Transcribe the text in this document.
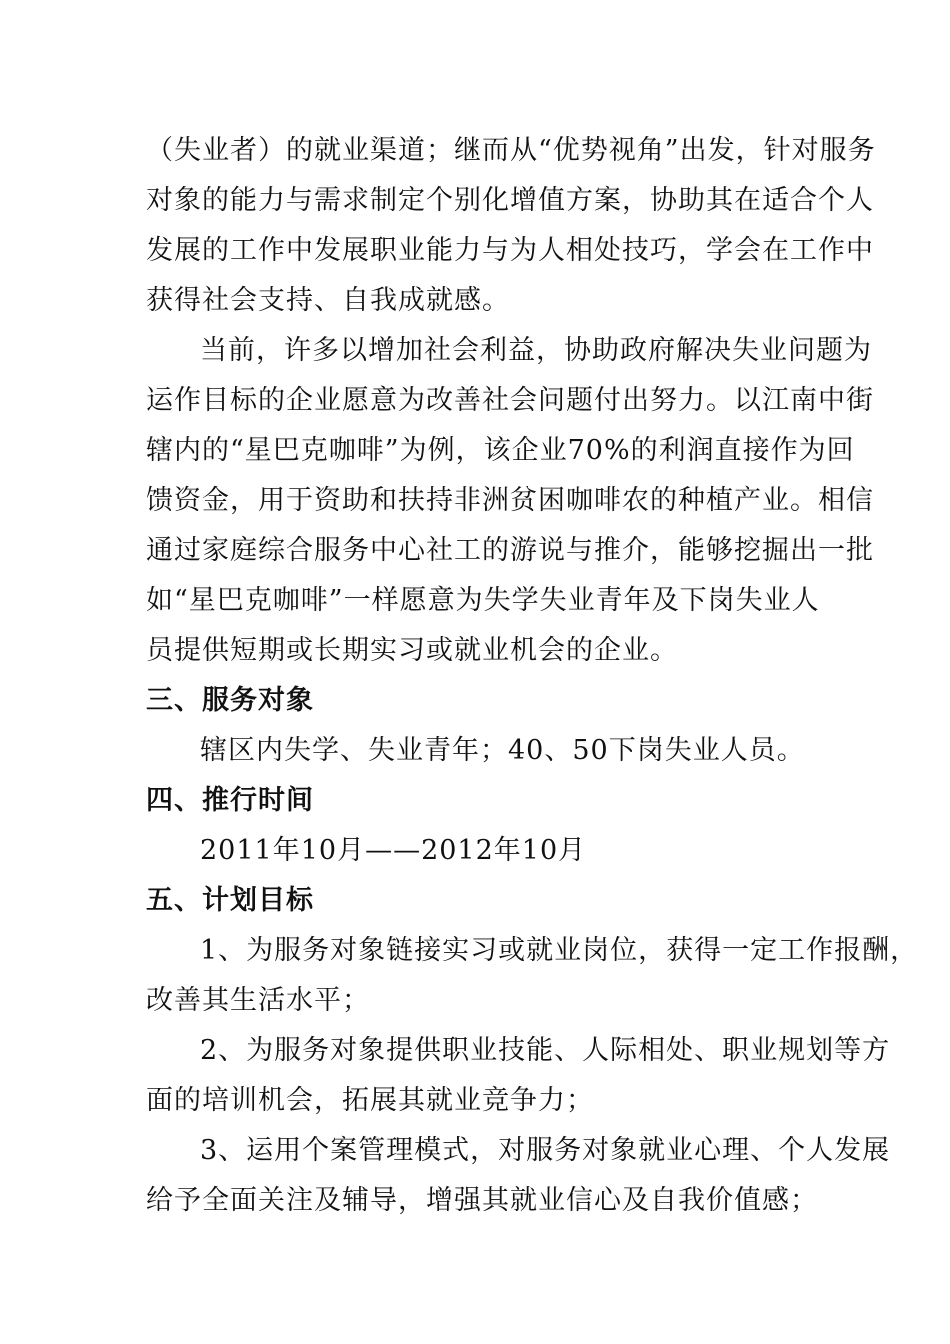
（失业者）的就业渠道；继而从“优势视角”出发，针对服务
对象的能力与需求制定个别化增值方案，协助其在适合个人
发展的工作中发展职业能力与为人相处技巧，学会在工作中
获得社会支持、自我成就感。
当前，许多以增加社会利益，协助政府解决失业问题为
运作目标的企业愿意为改善社会问题付出努力。以江南中街
辖内的“星巴克咖啡”为例，该企业70%的利润直接作为回
馈资金，用于资助和扶持非洲贫困咖啡农的种植产业。相信
通过家庭综合服务中心社工的游说与推介，能够挖掘出一批
如“星巴克咖啡”一样愿意为失学失业青年及下岗失业人
员提供短期或长期实习或就业机会的企业。
三、服务对象
辖区内失学、失业青年；40、50下岗失业人员。
四、推行时间
2011年10月——2012年10月
五、计划目标
1、为服务对象链接实习或就业岗位，获得一定工作报酬，
改善其生活水平；
2、为服务对象提供职业技能、人际相处、职业规划等方
面的培训机会，拓展其就业竞争力；
3、运用个案管理模式，对服务对象就业心理、个人发展
给予全面关注及辅导，增强其就业信心及自我价值感；
